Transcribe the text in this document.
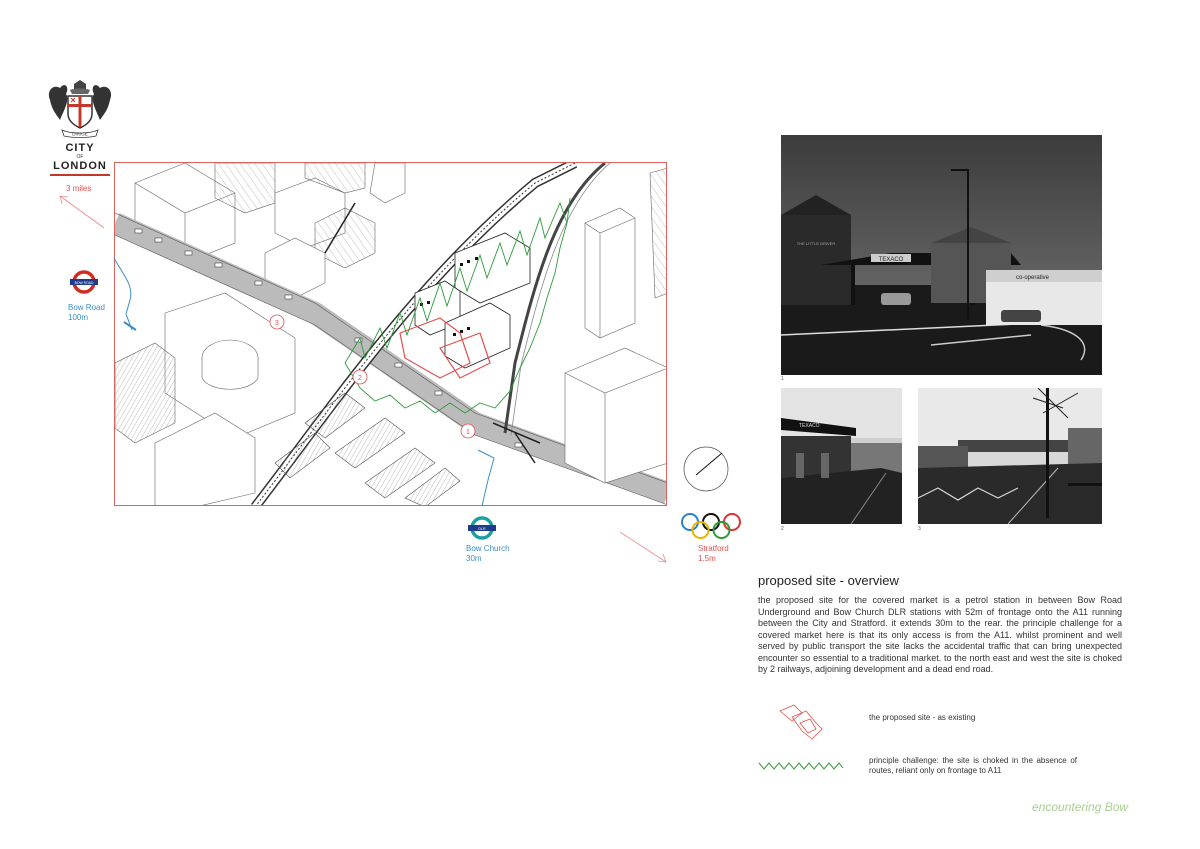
DIRIGE
CITY
OF
LONDON
3 miles
BOW ROAD
Bow Road
100m
3
2
1
DLR
Bow Church
30m
Stratford
1.5m
THE LITTLE DRIVER
TEXACO
co-operative
1
TEXACO
2	3
proposed site - overview
the proposed site for the covered market is a petrol station in between Bow Road Underground and Bow Church DLR stations with 52m of frontage onto the A11 running between the City and Stratford. it extends 30m to the rear. the principle challenge for a covered market here is that its only access is from the A11. whilst prominent and well served by public transport the site lacks the accidental traffic that can bring unexpected encounter so essential to a traditional market. to the north east and west the site is choked by 2 railways, adjoining development and a dead end road.
the proposed site - as existing
principle challenge: the site is choked in the absence of routes, reliant only on frontage to A11
encountering Bow
